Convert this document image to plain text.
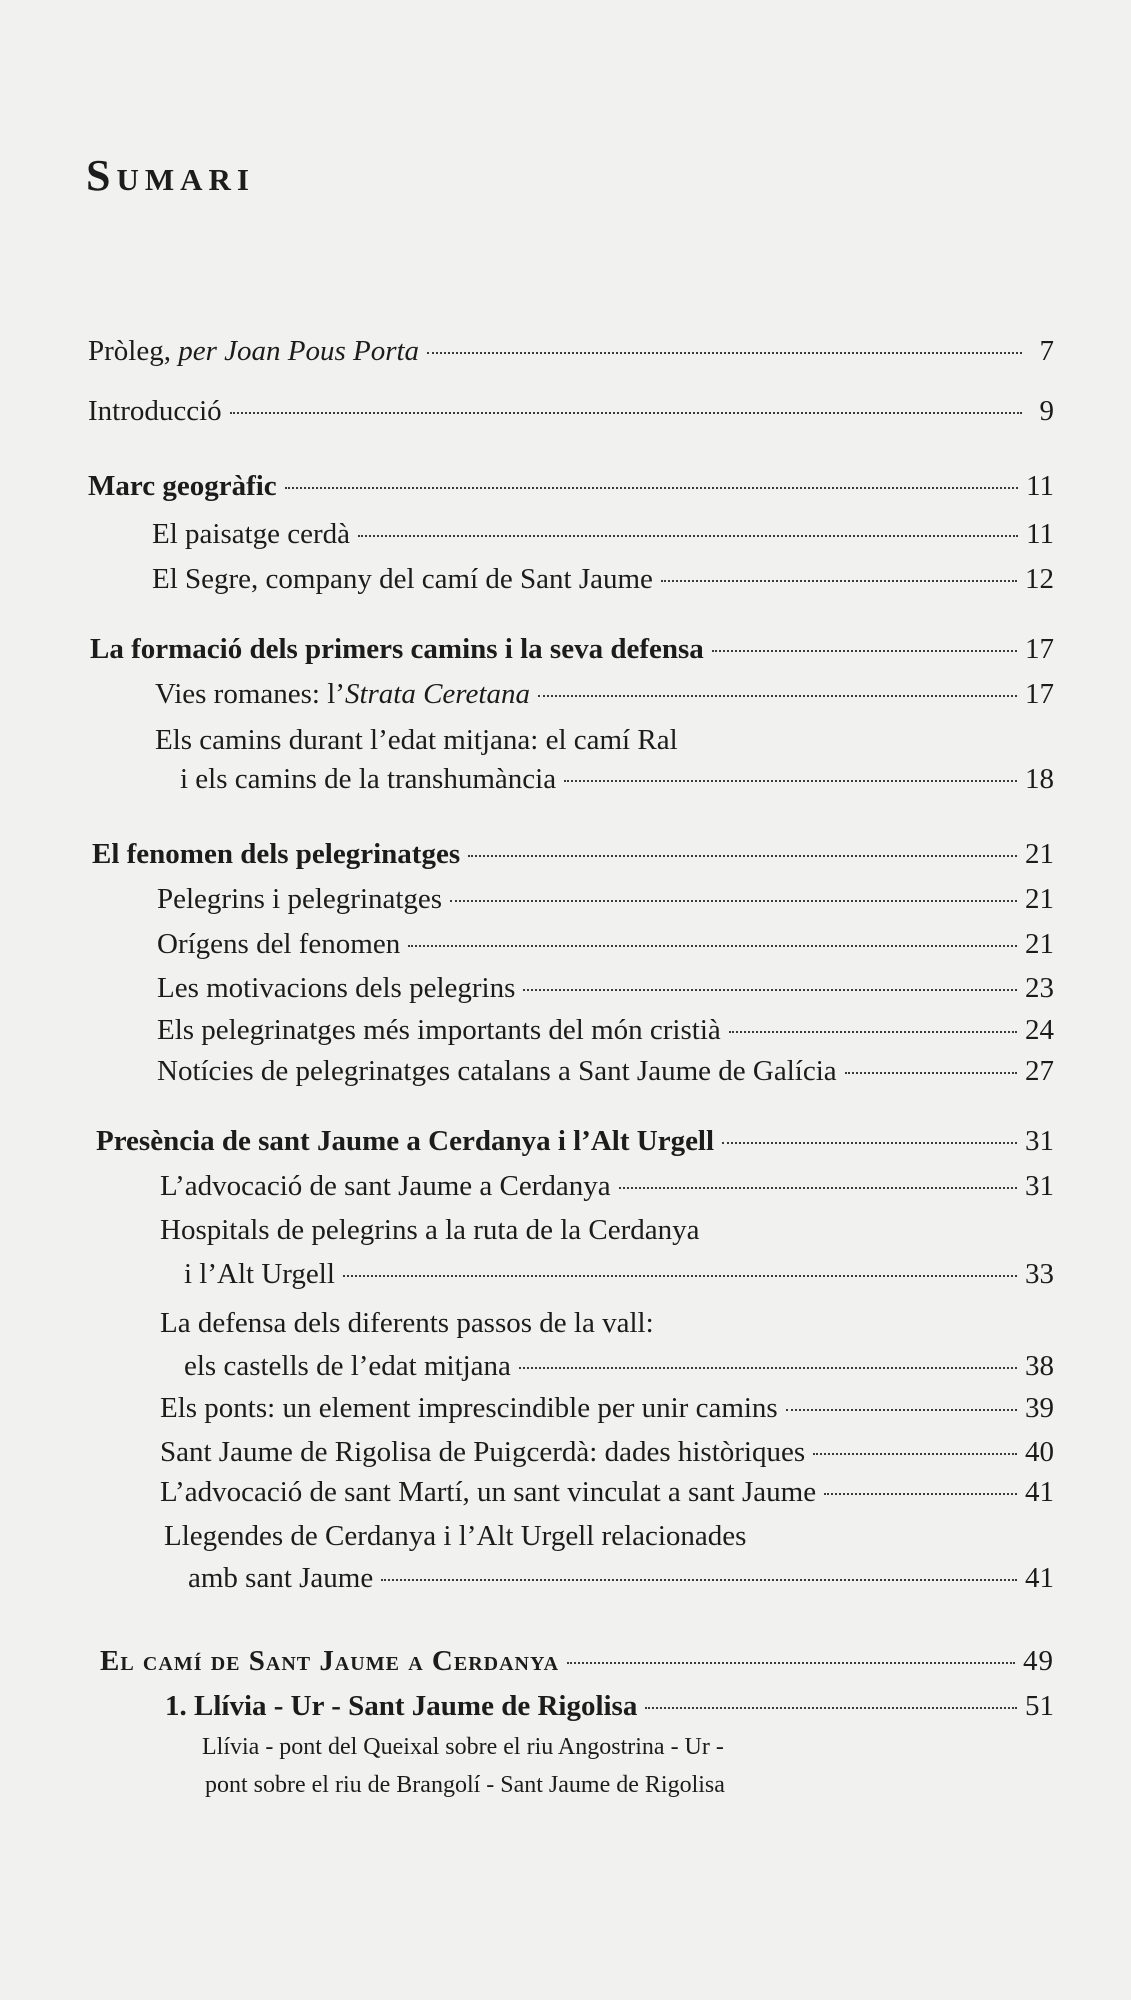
Sumari
Pròleg, per Joan Pous Porta	7
Introducció	9
Marc geogràfic	11
El paisatge cerdà	11
El Segre, company del camí de Sant Jaume	12
La formació dels primers camins i la seva defensa	17
Vies romanes: l’Strata Ceretana	17
Els camins durant l’edat mitjana: el camí Ral
i els camins de la transhumància	18
El fenomen dels pelegrinatges	21
Pelegrins i pelegrinatges	21
Orígens del fenomen	21
Les motivacions dels pelegrins	23
Els pelegrinatges més importants del món cristià	24
Notícies de pelegrinatges catalans a Sant Jaume de Galícia	27
Presència de sant Jaume a Cerdanya i l’Alt Urgell	31
L’advocació de sant Jaume a Cerdanya	31
Hospitals de pelegrins a la ruta de la Cerdanya
i l’Alt Urgell	33
La defensa dels diferents passos de la vall:
els castells de l’edat mitjana	38
Els ponts: un element imprescindible per unir camins	39
Sant Jaume de Rigolisa de Puigcerdà: dades històriques	40
L’advocació de sant Martí, un sant vinculat a sant Jaume	41
Llegendes de Cerdanya i l’Alt Urgell relacionades
amb sant Jaume	41
El camí de Sant Jaume a Cerdanya	49
1. Llívia - Ur - Sant Jaume de Rigolisa	51
Llívia - pont del Queixal sobre el riu Angostrina - Ur -
pont sobre el riu de Brangolí - Sant Jaume de Rigolisa
